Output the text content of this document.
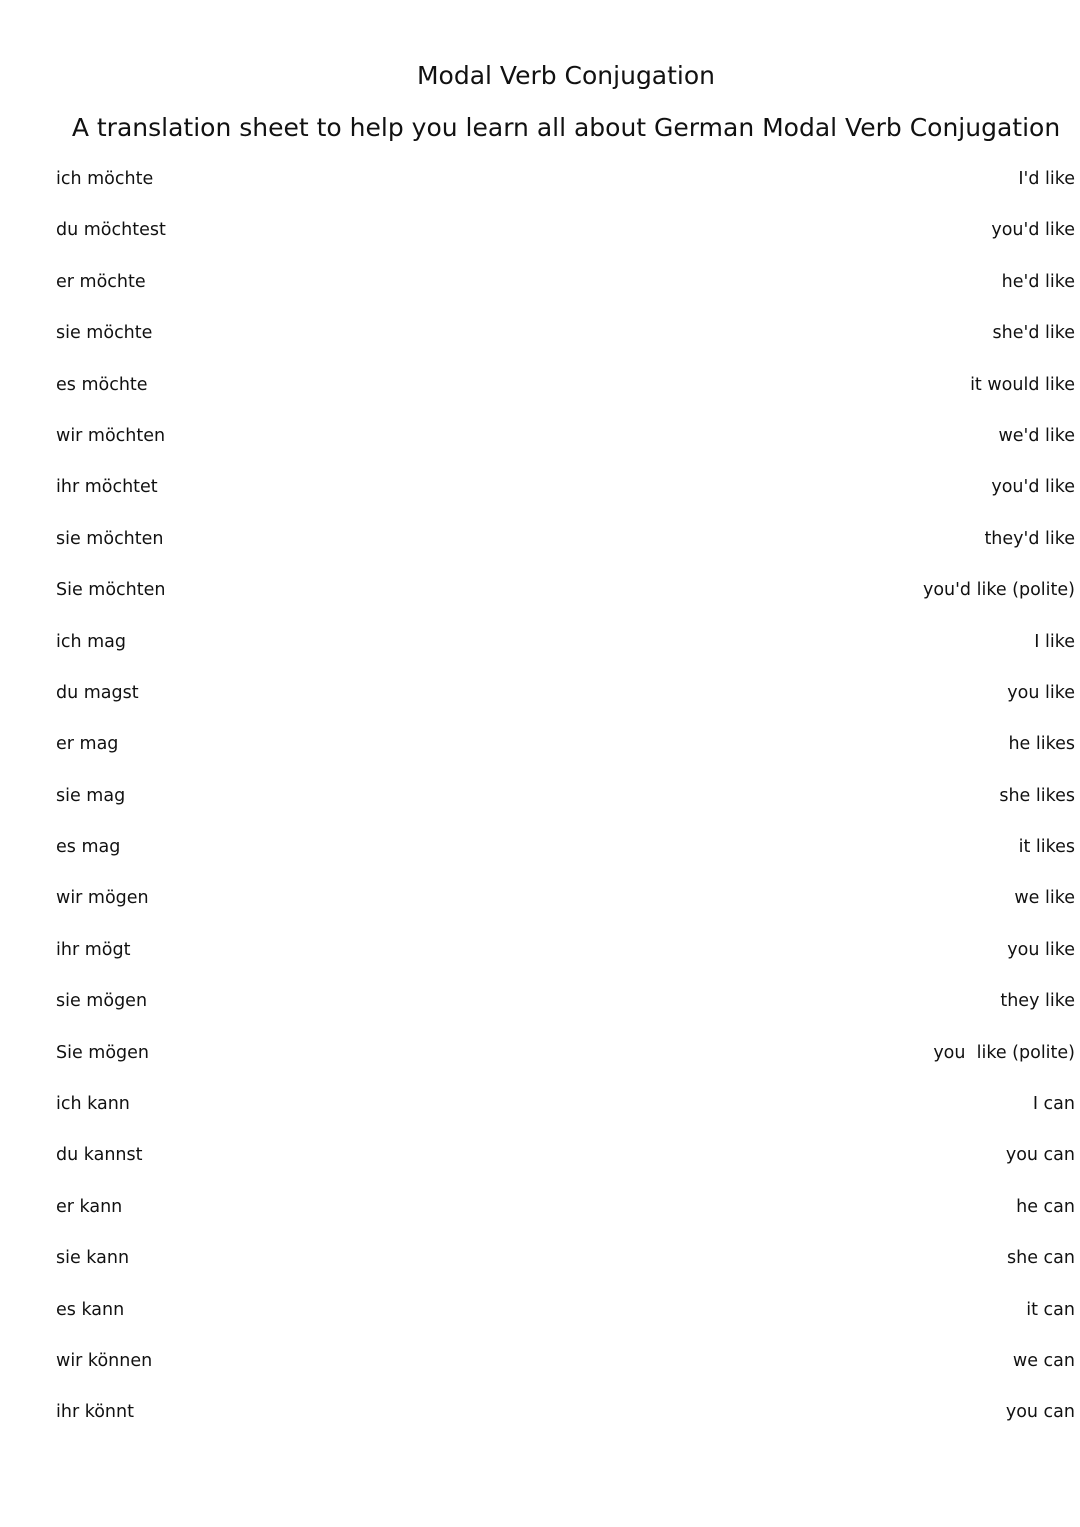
Modal Verb Conjugation
A translation sheet to help you learn all about German Modal Verb Conjugation
ich möchte	I'd like
du möchtest	you'd like
er möchte	he'd like
sie möchte	she'd like
es möchte	it would like
wir möchten	we'd like
ihr möchtet	you'd like
sie möchten	they'd like
Sie möchten	you'd like (polite)
ich mag	I like
du magst	you like
er mag	he likes
sie mag	she likes
es mag	it likes
wir mögen	we like
ihr mögt	you like
sie mögen	they like
Sie mögen	you  like (polite)
ich kann	I can
du kannst	you can
er kann	he can
sie kann	she can
es kann	it can
wir können	we can
ihr könnt	you can
